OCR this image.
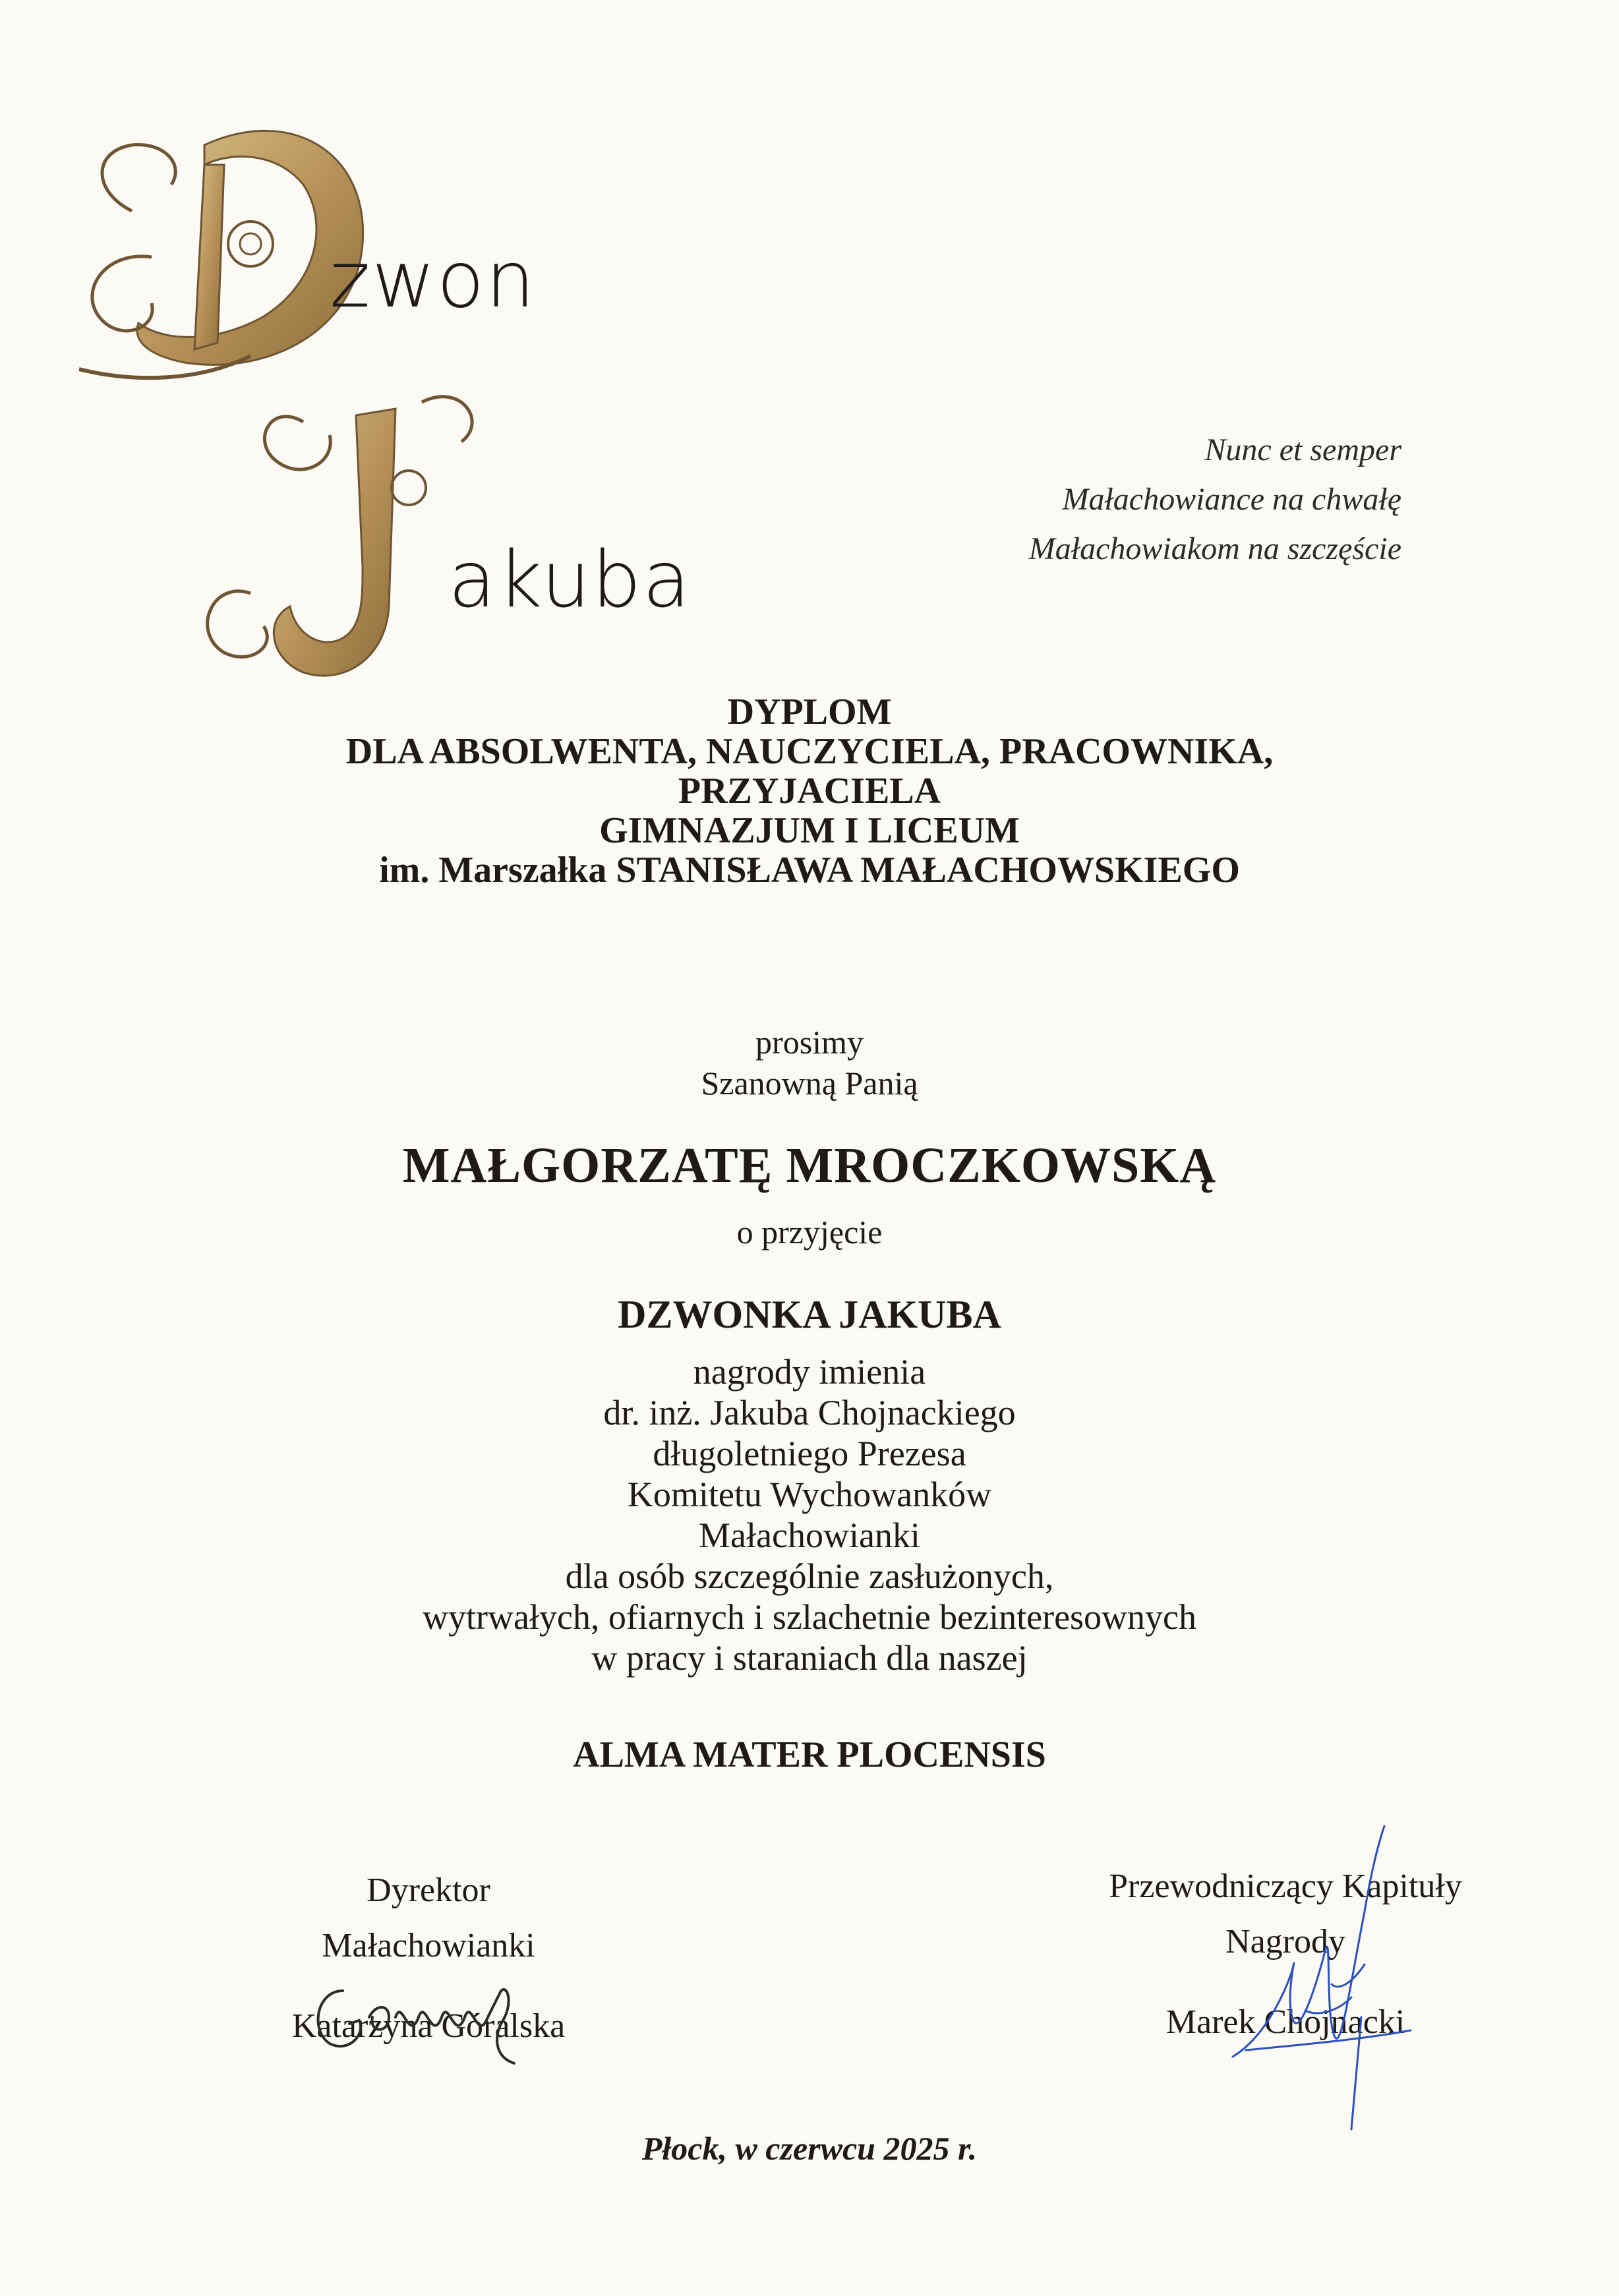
zwon
akuba
Nunc et semper
Małachowiance na chwałę
Małachowiakom na szczęście
DYPLOM
DLA ABSOLWENTA, NAUCZYCIELA, PRACOWNIKA,
PRZYJACIELA
GIMNAZJUM I LICEUM
im. Marszałka STANISŁAWA MAŁACHOWSKIEGO
prosimy
Szanowną Panią
MAŁGORZATĘ MROCZKOWSKĄ
o przyjęcie
DZWONKA JAKUBA
nagrody imienia
dr. inż. Jakuba Chojnackiego
długoletniego Prezesa
Komitetu Wychowanków
Małachowianki
dla osób szczególnie zasłużonych,
wytrwałych, ofiarnych i szlachetnie bezinteresownych
w pracy i staraniach dla naszej
ALMA MATER PLOCENSIS
Dyrektor
Małachowianki
Katarzyna Góralska
Przewodniczący Kapituły
Nagrody
Marek Chojnacki
Płock, w czerwcu 2025 r.
